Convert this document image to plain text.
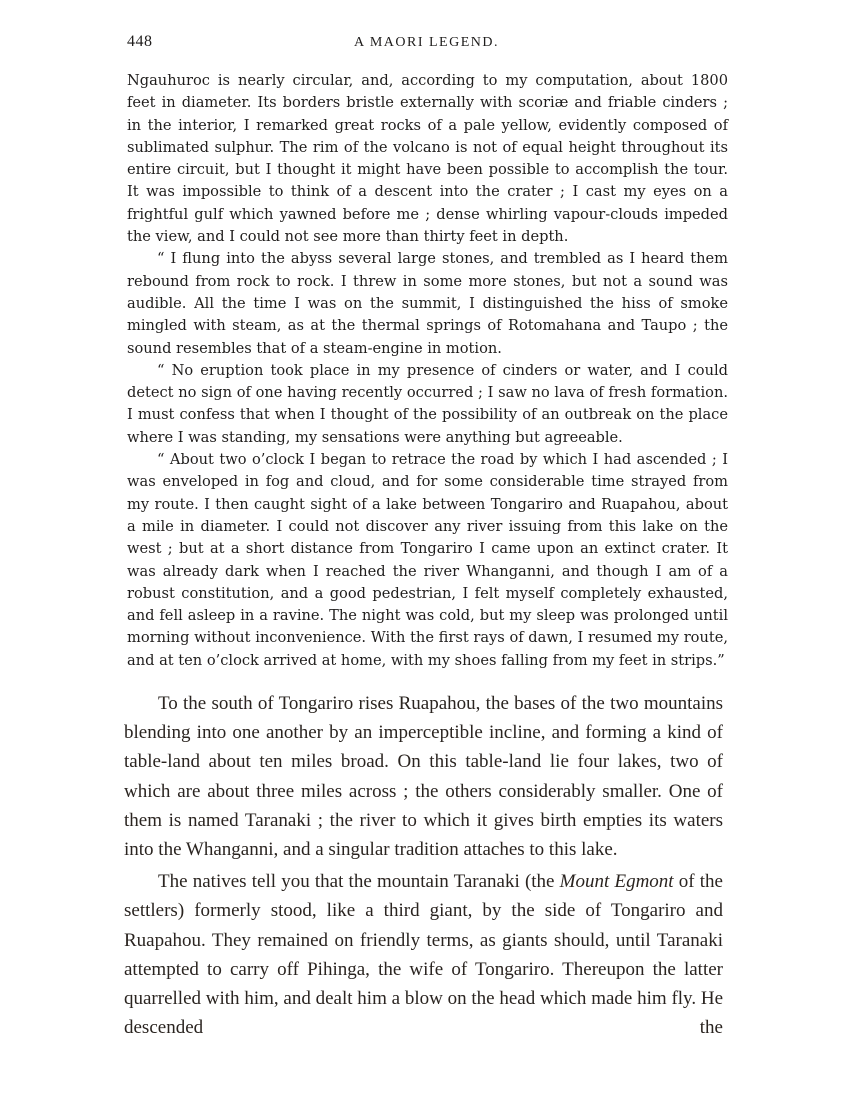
448	A MAORI LEGEND.

Ngauhuroc is nearly circular, and, according to my computation, about 1800 feet in diameter. Its borders bristle externally with scoriæ and friable cinders ; in the interior, I remarked great rocks of a pale yellow, evidently composed of sublimated sulphur. The rim of the volcano is not of equal height throughout its entire circuit, but I thought it might have been possible to accomplish the tour. It was impossible to think of a descent into the crater ; I cast my eyes on a frightful gulf which yawned before me ; dense whirling vapour-clouds impeded the view, and I could not see more than thirty feet in depth.

“ I flung into the abyss several large stones, and trembled as I heard them rebound from rock to rock. I threw in some more stones, but not a sound was audible. All the time I was on the summit, I distinguished the hiss of smoke mingled with steam, as at the thermal springs of Rotomahana and Taupo ; the sound resembles that of a steam-engine in motion.

“ No eruption took place in my presence of cinders or water, and I could detect no sign of one having recently occurred ; I saw no lava of fresh formation. I must confess that when I thought of the possibility of an outbreak on the place where I was standing, my sensations were anything but agreeable.

“ About two o’clock I began to retrace the road by which I had ascended ; I was enveloped in fog and cloud, and for some considerable time strayed from my route. I then caught sight of a lake between Tongariro and Ruapahou, about a mile in diameter. I could not discover any river issuing from this lake on the west ; but at a short distance from Tongariro I came upon an extinct crater. It was already dark when I reached the river Whanganni, and though I am of a robust constitution, and a good pedestrian, I felt myself completely exhausted, and fell asleep in a ravine. The night was cold, but my sleep was prolonged until morning without inconvenience. With the first rays of dawn, I resumed my route, and at ten o’clock arrived at home, with my shoes falling from my feet in strips.”

To the south of Tongariro rises Ruapahou, the bases of the two mountains blending into one another by an imperceptible incline, and forming a kind of table-land about ten miles broad. On this table-land lie four lakes, two of which are about three miles across ; the others considerably smaller. One of them is named Taranaki ; the river to which it gives birth empties its waters into the Whanganni, and a singular tradition attaches to this lake.

The natives tell you that the mountain Taranaki (the Mount Egmont of the settlers) formerly stood, like a third giant, by the side of Tongariro and Ruapahou. They remained on friendly terms, as giants should, until Taranaki attempted to carry off Pihinga, the wife of Tongariro. Thereupon the latter quarrelled with him, and dealt him a blow on the head which made him fly. He descended the
